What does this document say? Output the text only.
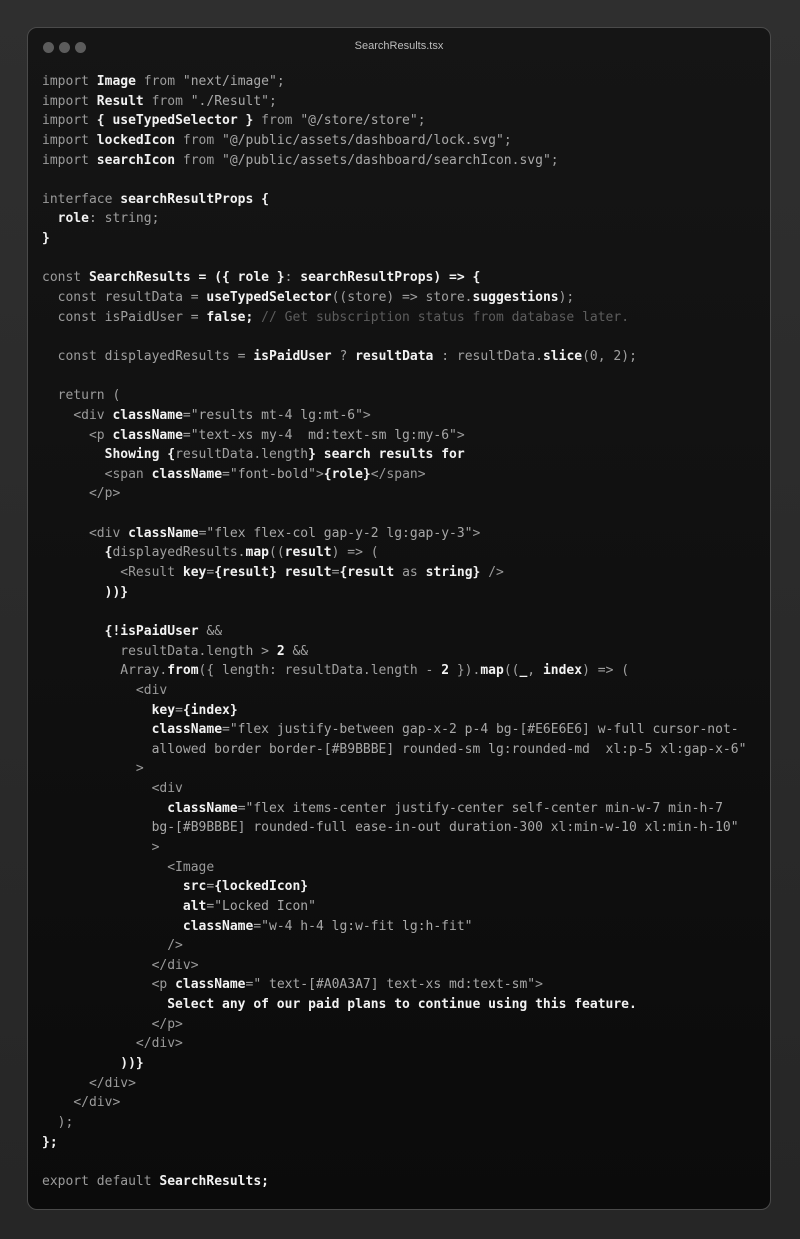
SearchResults.tsx
import Image from "next/image";
import Result from "./Result";
import { useTypedSelector } from "@/store/store";
import lockedIcon from "@/public/assets/dashboard/lock.svg";
import searchIcon from "@/public/assets/dashboard/searchIcon.svg";
interface searchResultProps {
role: string;
}
const SearchResults = ({ role }: searchResultProps) => {
const resultData = useTypedSelector((store) => store.suggestions);
const isPaidUser = false; // Get subscription status from database later.
const displayedResults = isPaidUser ? resultData : resultData.slice(0, 2);
return (
<div className="results mt-4 lg:mt-6">
<p className="text-xs my-4  md:text-sm lg:my-6">
Showing {resultData.length} search results for
<span className="font-bold">{role}</span>
</p>
<div className="flex flex-col gap-y-2 lg:gap-y-3">
{displayedResults.map((result) => (
<Result key={result} result={result as string} />
))}
{!isPaidUser &&
resultData.length > 2 &&
Array.from({ length: resultData.length - 2 }).map((_, index) => (
<div
key={index}
className="flex justify-between gap-x-2 p-4 bg-[#E6E6E6] w-full cursor-not-
allowed border border-[#B9BBBE] rounded-sm lg:rounded-md  xl:p-5 xl:gap-x-6"
>
<div
className="flex items-center justify-center self-center min-w-7 min-h-7
bg-[#B9BBBE] rounded-full ease-in-out duration-300 xl:min-w-10 xl:min-h-10"
>
<Image
src={lockedIcon}
alt="Locked Icon"
className="w-4 h-4 lg:w-fit lg:h-fit"
/>
</div>
<p className=" text-[#A0A3A7] text-xs md:text-sm">
Select any of our paid plans to continue using this feature.
</p>
</div>
))}
</div>
</div>
);
};
export default SearchResults;
